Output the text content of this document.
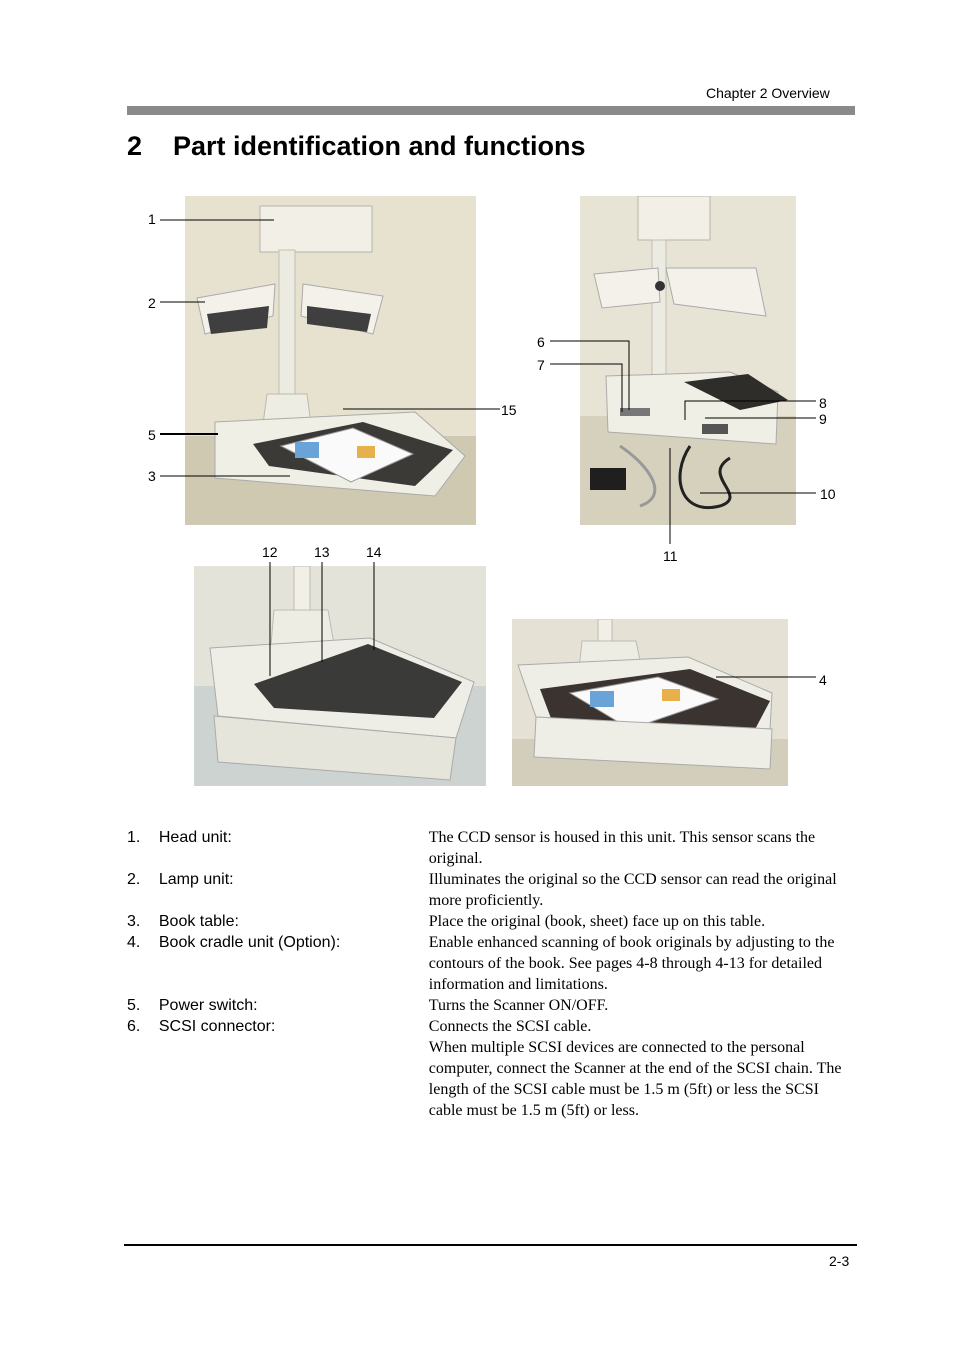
Chapter 2 Overview
2 Part identification and functions
1
2
5
3
15
6
7
8
9
10
11
12	13	14
4
1.	Head unit:	The CCD sensor is housed in this unit. This sensor scans the original.

2.	Lamp unit:	Illuminates the original so the CCD sensor can read the original more proficiently.

3.	Book table:	Place the original (book, sheet) face up on this table.

4.	Book cradle unit (Option):	Enable enhanced scanning of book originals by adjusting to the contours of the book. See pages 4-8 through 4-13 for detailed information and limitations.

5.	Power switch:	Turns the Scanner ON/OFF.

6.	SCSI connector:	Connects the SCSI cable.

When multiple SCSI devices are connected to the personal computer, connect the Scanner at the end of the SCSI chain. The length of the SCSI cable must be 1.5 m (5ft) or less the SCSI cable must be 1.5 m (5ft) or less.

2-3
